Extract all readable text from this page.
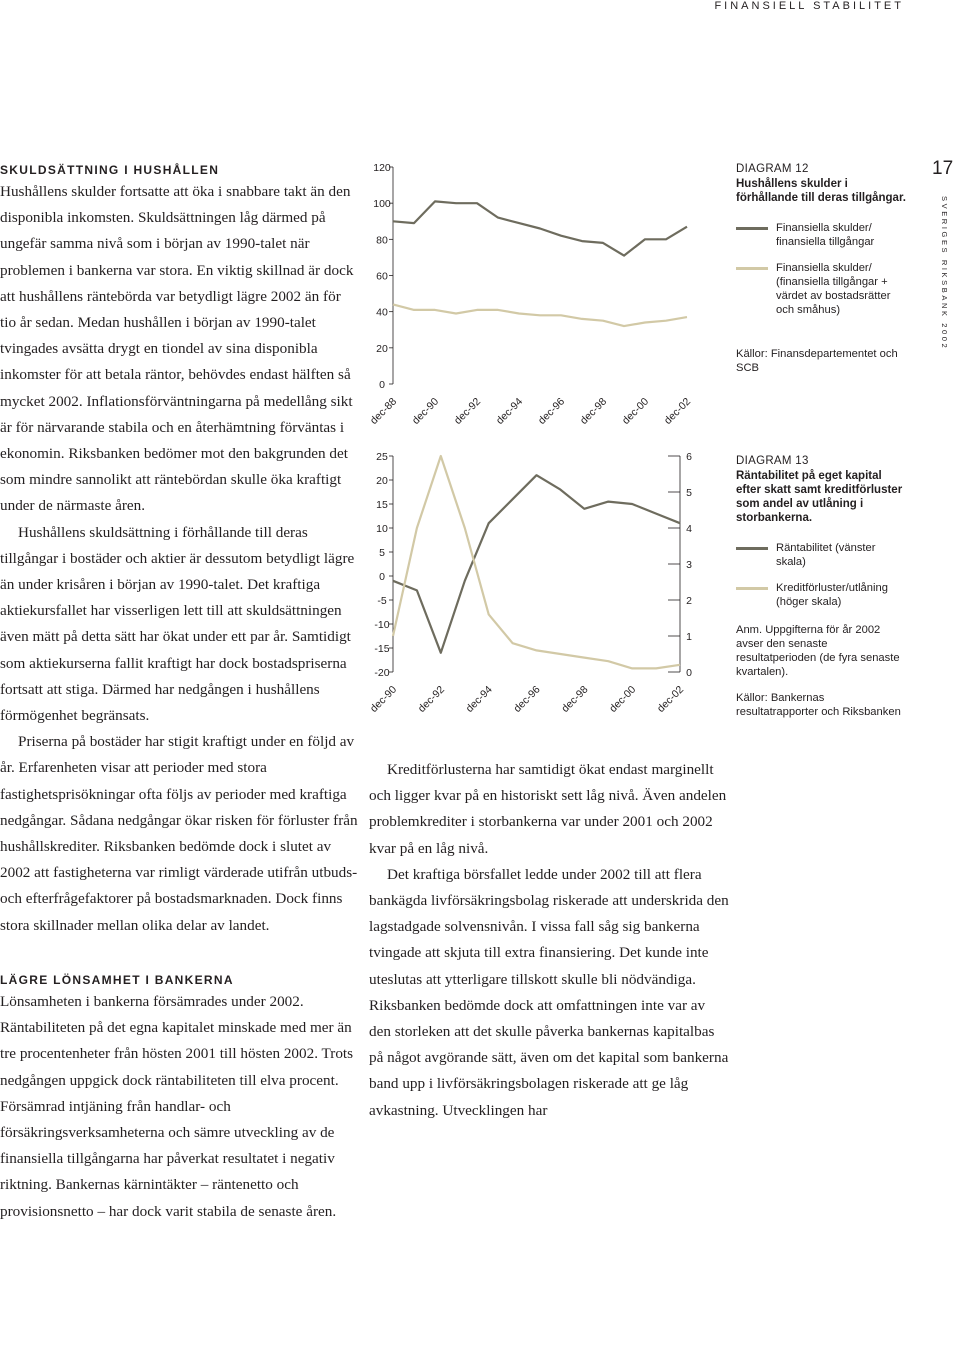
FINANSIELL STABILITET
17
SVERIGES RIKSBANK 2002
SKULDSÄTTNING I HUSHÅLLEN

Hushållens skulder fortsatte att öka i snabbare takt än den disponibla inkomsten. Skuldsättningen låg därmed på ungefär samma nivå som i början av 1990-talet när problemen i bankerna var stora. En viktig skillnad är dock att hushållens räntebörda var betydligt lägre 2002 än för tio år sedan. Medan hushållen i början av 1990-talet tvingades avsätta drygt en tiondel av sina disponibla inkomster för att betala räntor, behövdes endast hälften så mycket 2002. Inflationsförväntningarna på medellång sikt är för närvarande stabila och en återhämtning förväntas i ekonomin. Riksbanken bedömer mot den bakgrunden det som mindre sannolikt att räntebördan skulle öka kraftigt under de närmaste åren.

Hushållens skuldsättning i förhållande till deras tillgångar i bostäder och aktier är dessutom betydligt lägre än under krisåren i början av 1990-talet. Det kraftiga aktiekursfallet har visserligen lett till att skuldsättningen även mätt på detta sätt har ökat under ett par år. Samtidigt som aktiekurserna fallit kraftigt har dock bostadspriserna fortsatt att stiga. Därmed har nedgången i hushållens förmögenhet begränsats.

Priserna på bostäder har stigit kraftigt under en följd av år. Erfarenheten visar att perioder med stora fastighetsprisökningar ofta följs av perioder med kraftiga nedgångar. Sådana nedgångar ökar risken för förluster från hushållskrediter. Riksbanken bedömde dock i slutet av 2002 att fastigheterna var rimligt värderade utifrån utbuds- och efterfrågefaktorer på bostadsmarknaden. Dock finns stora skillnader mellan olika delar av landet.

LÄGRE LÖNSAMHET I BANKERNA

Lönsamheten i bankerna försämrades under 2002. Räntabiliteten på det egna kapitalet minskade med mer än tre procentenheter från hösten 2001 till hösten 2002. Trots nedgången uppgick dock räntabiliteten till elva procent. Försämrad intjäning från handlar- och försäkringsverksamheterna och sämre utveckling av de finansiella tillgångarna har påverkat resultatet i negativ riktning. Bankernas kärnintäkter – räntenetto och provisionsnetto – har dock varit stabila de senaste åren.

Kreditförlusterna har samtidigt ökat endast marginellt och ligger kvar på en historiskt sett låg nivå. Även andelen problemkrediter i storbankerna var under 2001 och 2002 kvar på en låg nivå.

Det kraftiga börsfallet ledde under 2002 till att flera bankägda livförsäkringsbolag riskerade att underskrida den lagstadgade solvensnivån. I vissa fall såg sig bankerna tvingade att skjuta till extra finansiering. Det kunde inte uteslutas att ytterligare tillskott skulle bli nödvändiga. Riksbanken bedömde dock att omfattningen inte var av den storleken att det skulle påverka bankernas kapitalbas på något avgörande sätt, även om det kapital som bankerna band upp i livförsäkringsbolagen riskerade att ge låg avkastning. Utvecklingen har

0
20
40
60
80
100
120
dec-88 dec-90 dec-92 dec-94 dec-96 dec-98 dec-00 dec-02
-20
-15
-10
-5
0
5
10
15
20
25
0
1
2
3
4
5
6
dec-90 dec-92 dec-94 dec-96 dec-98 dec-00 dec-02
DIAGRAM 12
Hushållens skulder i förhållande till deras tillgångar.
Finansiella skulder/ finansiella tillgångar
Finansiella skulder/ (finansiella tillgångar + värdet av bostadsrätter och småhus)
Källor: Finansdepartementet och SCB
DIAGRAM 13
Räntabilitet på eget kapital efter skatt samt kreditförluster som andel av utlåning i storbankerna.
Räntabilitet (vänster skala)
Kreditförluster/utlåning (höger skala)
Anm. Uppgifterna för år 2002 avser den senaste resultatperioden (de fyra senaste kvartalen).
Källor: Bankernas resultatrapporter och Riksbanken
